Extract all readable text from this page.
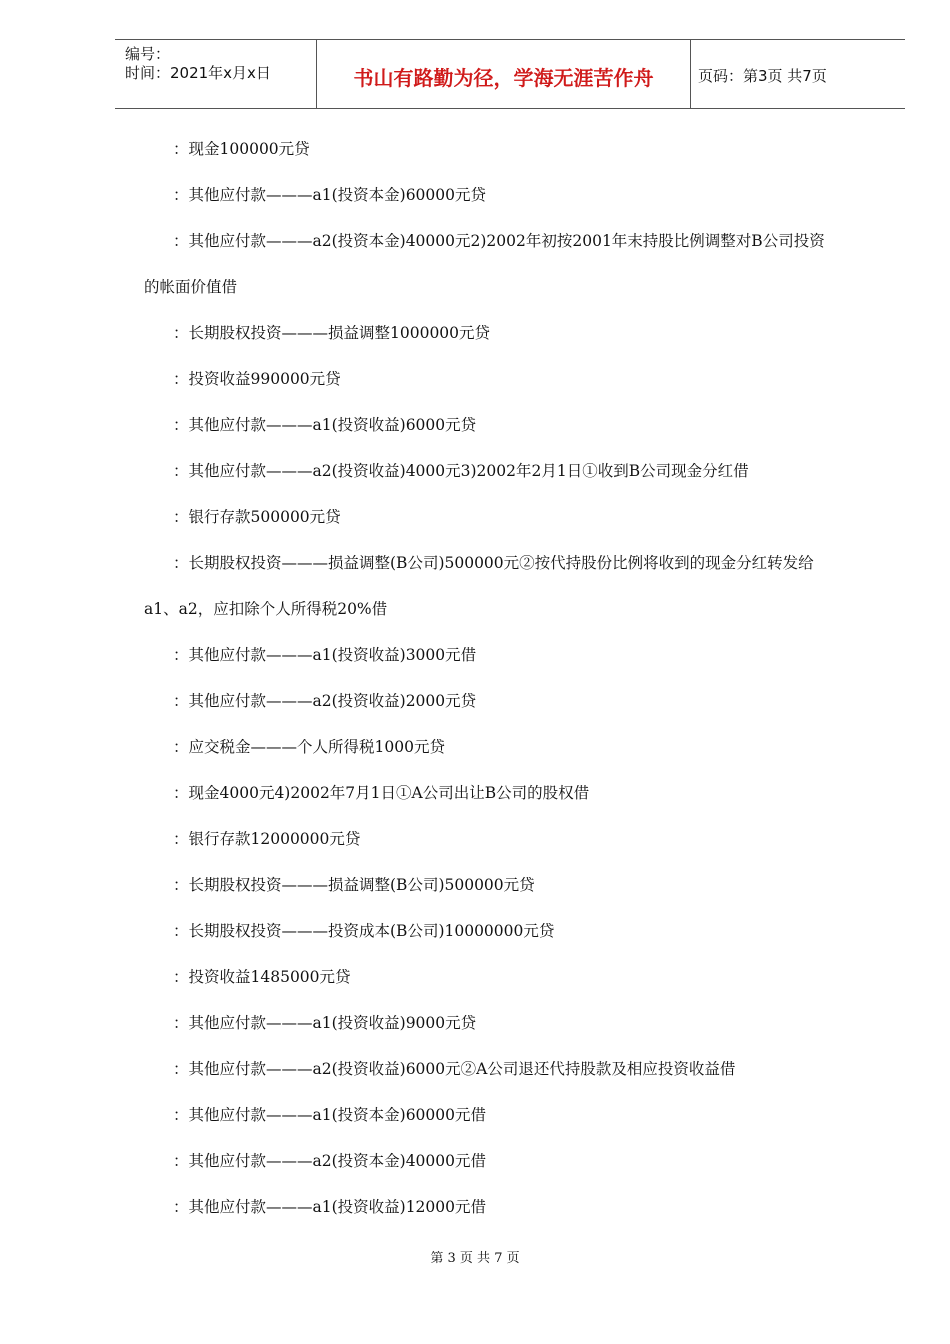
编号：
时间：2021年x月x日	书山有路勤为径，学海无涯苦作舟	页码：第3页 共7页
：现金100000元贷
：其他应付款———a1(投资本金)60000元贷
：其他应付款———a2(投资本金)40000元2)2002年初按2001年末持股比例调整对B公司投资
的帐面价值借
：长期股权投资———损益调整1000000元贷
：投资收益990000元贷
：其他应付款———a1(投资收益)6000元贷
：其他应付款———a2(投资收益)4000元3)2002年2月1日①收到B公司现金分红借
：银行存款500000元贷
：长期股权投资———损益调整(B公司)500000元②按代持股份比例将收到的现金分红转发给
a1、a2，应扣除个人所得税20%借
：其他应付款———a1(投资收益)3000元借
：其他应付款———a2(投资收益)2000元贷
：应交税金———个人所得税1000元贷
：现金4000元4)2002年7月1日①A公司出让B公司的股权借
：银行存款12000000元贷
：长期股权投资———损益调整(B公司)500000元贷
：长期股权投资———投资成本(B公司)10000000元贷
：投资收益1485000元贷
：其他应付款———a1(投资收益)9000元贷
：其他应付款———a2(投资收益)6000元②A公司退还代持股款及相应投资收益借
：其他应付款———a1(投资本金)60000元借
：其他应付款———a2(投资本金)40000元借
：其他应付款———a1(投资收益)12000元借
第 3 页 共 7 页
